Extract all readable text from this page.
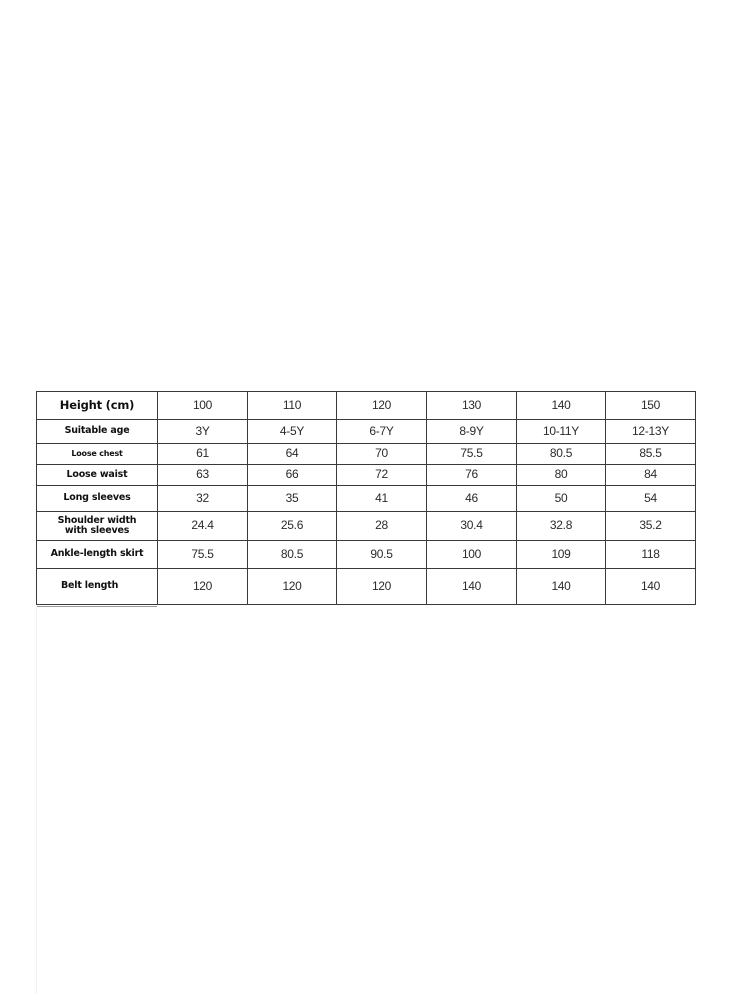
Height (cm)	100	110	120	130	140	150
Suitable age	3Y	4-5Y	6-7Y	8-9Y	10-11Y	12-13Y
Loose chest	61	64	70	75.5	80.5	85.5
Loose waist	63	66	72	76	80	84
Long sleeves	32	35	41	46	50	54
Shoulder width
with sleeves	24.4	25.6	28	30.4	32.8	35.2
Ankle-length skirt	75.5	80.5	90.5	100	109	118
Belt length	120	120	120	140	140	140
